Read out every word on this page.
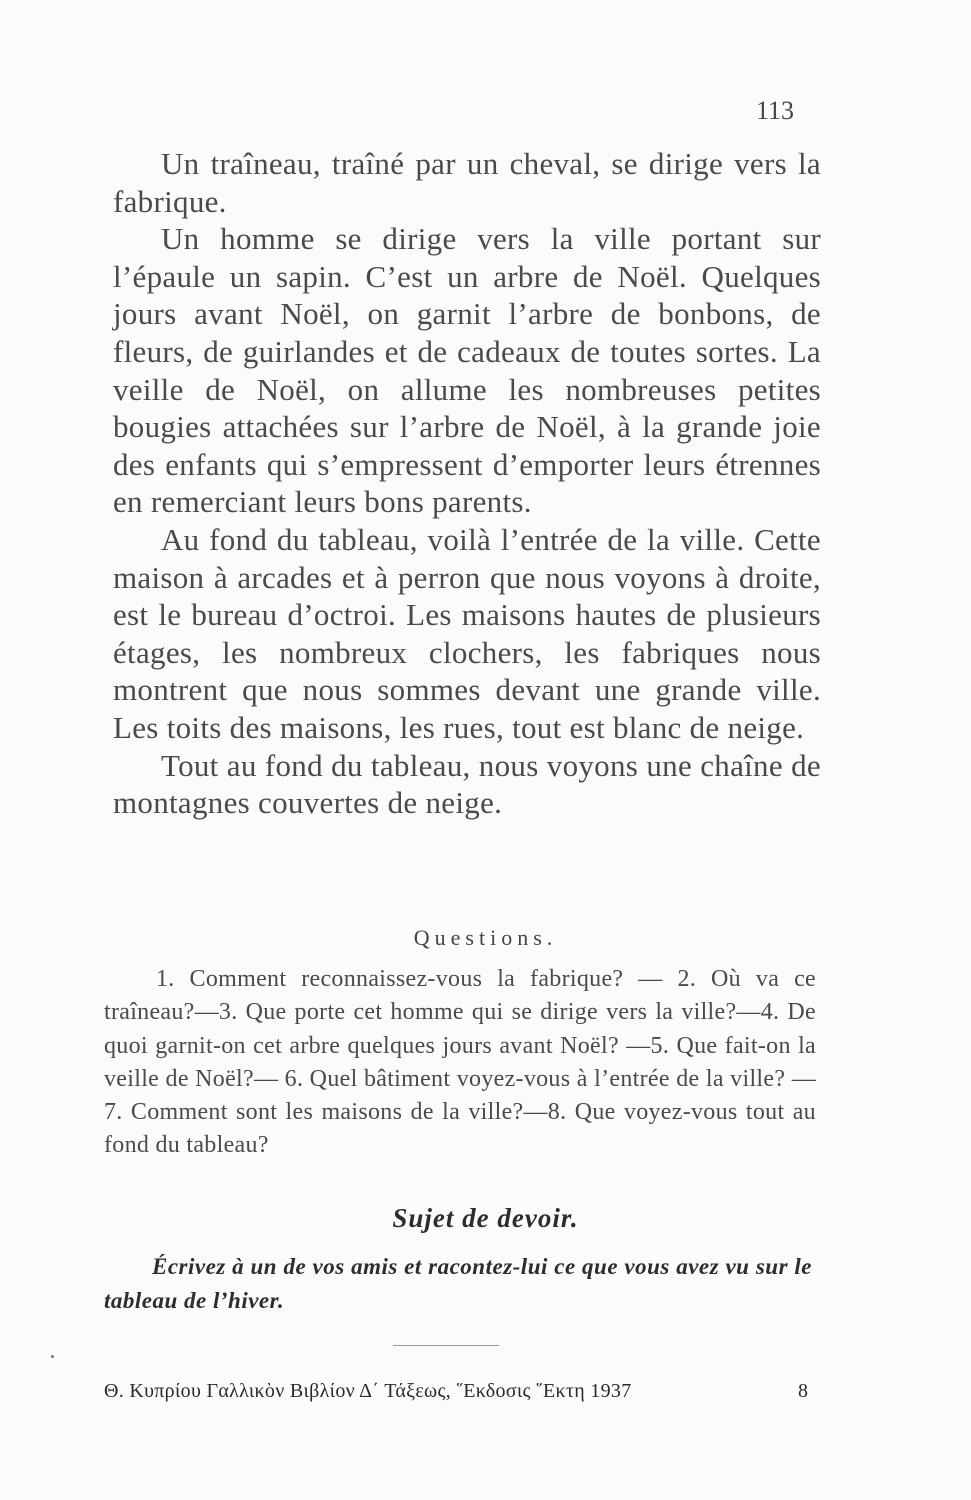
113

Un traîneau, traîné par un cheval, se dirige vers la fabrique.

Un homme se dirige vers la ville portant sur l’épaule un sapin. C’est un arbre de Noël. Quelques jours avant Noël, on garnit l’arbre de bonbons, de fleurs, de guirlandes et de cadeaux de toutes sortes. La veille de Noël, on allume les nombreuses petites bougies attachées sur l’arbre de Noël, à la grande joie des enfants qui s’empressent d’emporter leurs étrennes en remerciant leurs bons parents.

Au fond du tableau, voilà l’entrée de la ville. Cette maison à arcades et à perron que nous voyons à droite, est le bureau d’octroi. Les maisons hautes de plusieurs étages, les nombreux clochers, les fabriques nous montrent que nous sommes devant une grande ville. Les toits des maisons, les rues, tout est blanc de neige.

Tout au fond du tableau, nous voyons une chaîne de montagnes couvertes de neige.

Questions.

1. Comment reconnaissez-vous la fabrique? — 2. Où va ce traîneau?—3. Que porte cet homme qui se dirige vers la ville?—4. De quoi garnit-on cet arbre quelques jours avant Noël? —5. Que fait-on la veille de Noël?— 6. Quel bâtiment voyez-vous à l’entrée de la ville? — 7. Comment sont les maisons de la ville?—8. Que voyez-vous tout au fond du tableau?

Sujet de devoir.

Écrivez à un de vos amis et racontez-lui ce que vous avez vu sur le tableau de l’hiver.

Θ. Κυπρίου Γαλλικὸν Βιβλίον Δ΄ Τάξεως, ῞Εκδοσις ῞Εκτη 1937	8
